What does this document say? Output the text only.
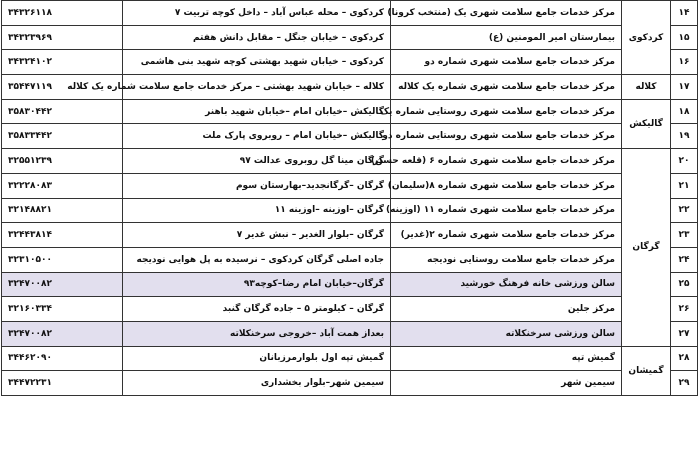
۱۴	کردکوی	مرکز خدمات جامع سلامت شهری یک (منتخب کرونا)	کردکوی – محله عباس آباد – داخل کوچه تربیت ۷	۳۴۳۲۶۱۱۸
۱۵		بیمارستان امیر المومنین (ع)	کردکوی – خیابان جنگل – مقابل دانش هفتم	۳۴۳۲۳۹۶۹
۱۶		مرکز خدمات جامع سلامت شهری شماره دو	کردکوی – خیابان شهید بهشتی کوچه شهید بنی هاشمی	۳۴۳۲۴۱۰۲
۱۷	کلاله	مرکز خدمات جامع سلامت شهری شماره یک کلاله	کلاله – خیابان شهید بهشتی – مرکز خدمات جامع سلامت شماره یک کلاله	۳۵۴۴۷۱۱۹
۱۸	گالیکش	مرکز خدمات جامع سلامت شهری روستایی شماره یک	گالیکش –خیابان امام –خیابان شهید باهنر	۳۵۸۳۰۴۴۲
۱۹		مرکز خدمات جامع سلامت شهری روستایی شماره دو	گالیکش –خیابان امام – روبروی پارک ملت	۳۵۸۳۳۴۴۲
۲۰	گرگان	مرکز خدمات جامع سلامت شهری شماره ۶ (قلعه حسن)	گرگان مینا گل روبروی عدالت ۹۷	۳۲۵۵۱۲۳۹
۲۱		مرکز خدمات جامع سلامت شهری شماره ۸(سلیمان)	گرگان –گرگانجدید–بهارستان سوم	۳۲۲۲۸۰۸۳
۲۲		مرکز خدمات جامع سلامت شهری شماره ۱۱ (اوزینه)	گرگان –اوزینه –اوزینه ۱۱	۳۲۱۴۸۸۲۱
۲۳		مرکز خدمات جامع سلامت شهری شماره ۲(غدیر)	گرگان –بلوار الغدیر – نبش غدیر ۷	۳۲۴۴۳۸۱۴
۲۴		مرکز خدمات جامع سلامت روستایی نودیجه	جاده اصلی گرگان کردکوی – نرسیده به پل هوایی نودیجه	۳۲۳۱۰۵۰۰
۲۵		سالن ورزشی خانه فرهنگ خورشید	گرگان–خیابان امام رضا–کوچه۹۳	۳۲۴۷۰۰۸۲
۲۶		مرکز جلین	گرگان – کیلومتر ۵ – جاده گرگان گنبد	۳۲۱۶۰۳۳۴
۲۷		سالن ورزشی سرخنکلاته	بعداز همت آباد –خروجی سرخنکلاته	۳۲۴۷۰۰۸۲
۲۸	گمیشان	گمیش تپه	گمیش تپه اول بلوارمرزبانان	۳۴۴۶۲۰۹۰
۲۹		سیمین شهر	سیمین شهر–بلوار بخشداری	۳۴۴۷۲۲۳۱
